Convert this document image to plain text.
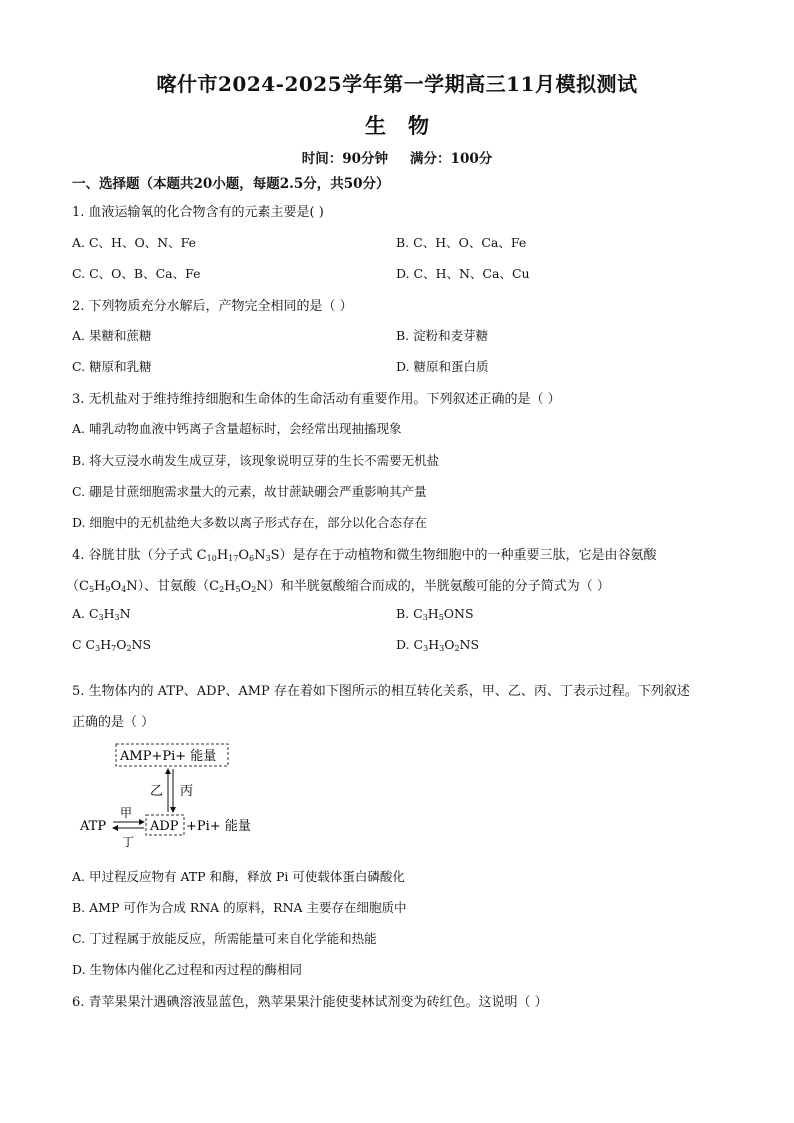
喀什市2024-2025学年第一学期高三11月模拟测试
生物
时间：90分钟 满分：100分
一、选择题（本题共20小题，每题2.5分，共50分）
1. 血液运输氧的化合物含有的元素主要是( )
A. C、H、O、N、Fe	B. C、H、O、Ca、Fe
C. C、O、B、Ca、Fe	D. C、H、N、Ca、Cu
2. 下列物质充分水解后，产物完全相同的是（ ）
A. 果糖和蔗糖	B. 淀粉和麦芽糖
C. 糖原和乳糖	D. 糖原和蛋白质
3. 无机盐对于维持维持细胞和生命体的生命活动有重要作用。下列叙述正确的是（ ）
A. 哺乳动物血液中钙离子含量超标时，会经常出现抽搐现象
B. 将大豆浸水萌发生成豆芽，该现象说明豆芽的生长不需要无机盐
C. 硼是甘蔗细胞需求量大的元素，故甘蔗缺硼会严重影响其产量
D. 细胞中的无机盐绝大多数以离子形式存在，部分以化合态存在
4. 谷胱甘肽（分子式 $C_{10}H_{17}O_6N_3S$）是存在于动植物和微生物细胞中的一种重要三肽，它是由谷氨酸
$(C_5H_9O_4N)$、甘氨酸$(C_2H_5O_2N)$和半胱氨酸缩合而成的，半胱氨酸可能的分子简式为（ ）
A. $C_3H_3N$	B. $C_3H_5ONS$
C $C_3H_7O_2NS$	D. $C_3H_3O_2NS$
5. 生物体内的 ATP、ADP、AMP 存在着如下图所示的相互转化关系，甲、乙、丙、丁表示过程。下列叙述
正确的是（ ）
AMP+Pi+ 能量
乙 丙
ATP
甲
丁
ADP +Pi+ 能量
A. 甲过程反应物有 ATP 和酶，释放 Pi 可使载体蛋白磷酸化
B. AMP 可作为合成 RNA 的原料，RNA 主要存在细胞质中
C. 丁过程属于放能反应，所需能量可来自化学能和热能
D. 生物体内催化乙过程和丙过程的酶相同
6. 青苹果果汁遇碘溶液显蓝色，熟苹果果汁能使斐林试剂变为砖红色。这说明（ ）
